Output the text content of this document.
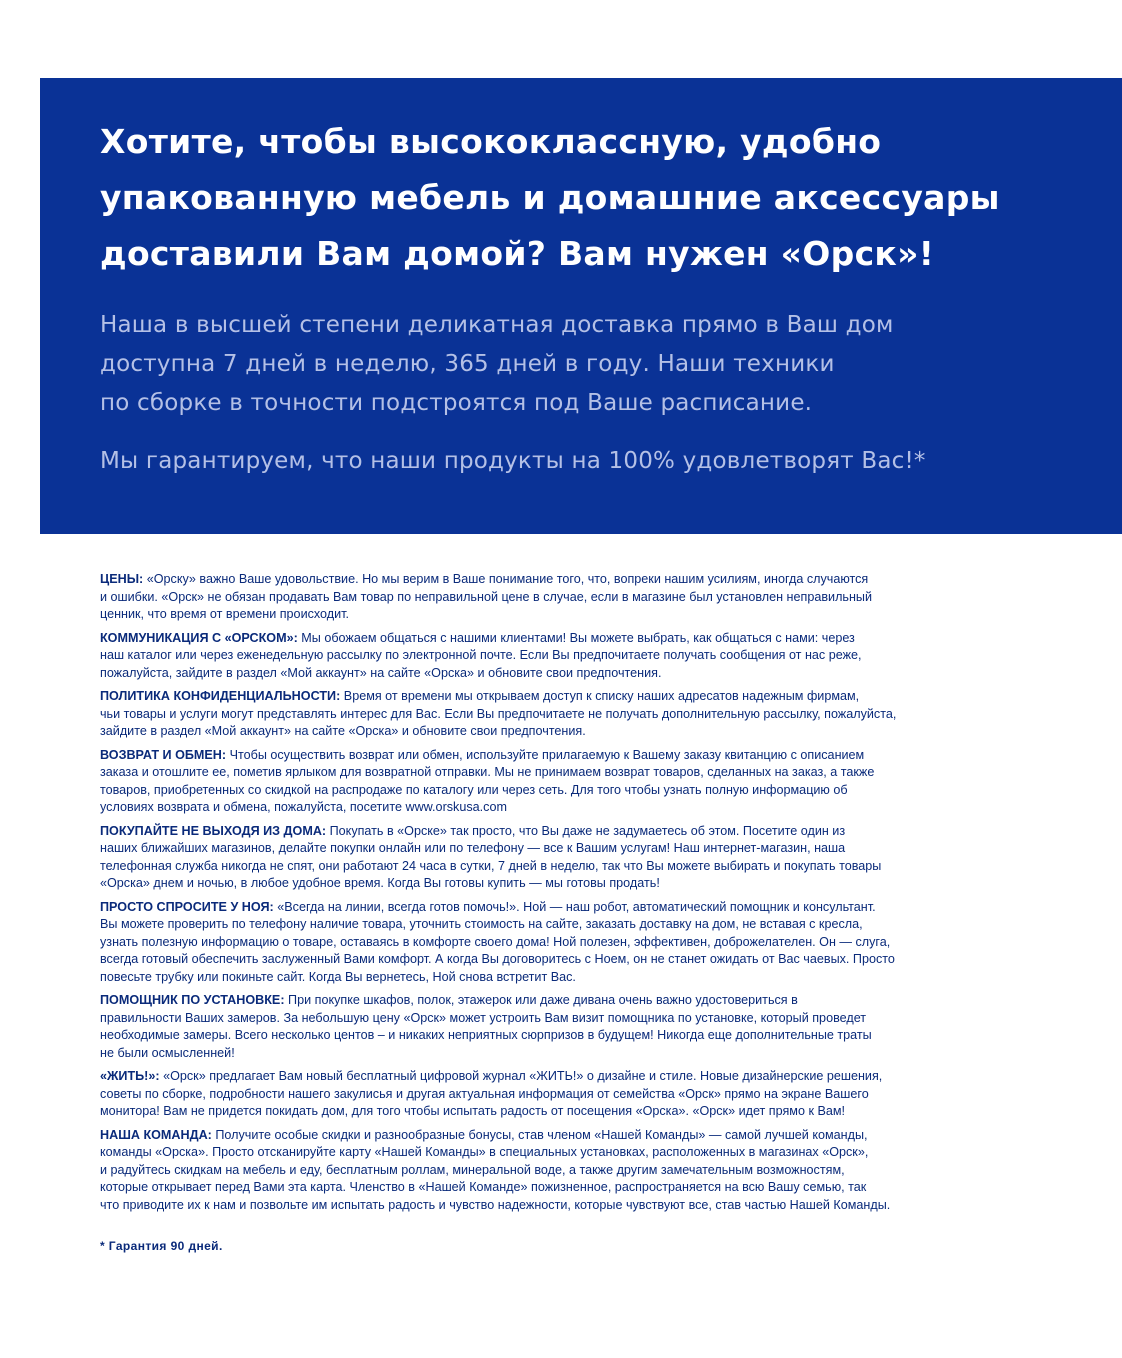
Хотите, чтобы высококлассную, удобно
упакованную мебель и домашние аксессуары
доставили Вам домой? Вам нужен «Орск»!

Наша в высшей степени деликатная доставка прямо в Ваш дом
доступна 7 дней в неделю, 365 дней в году. Наши техники
по сборке в точности подстроятся под Ваше расписание.

Мы гарантируем, что наши продукты на 100% удовлетворят Вас!*

ЦЕНЫ: «Орску» важно Ваше удовольствие. Но мы верим в Ваше понимание того, что, вопреки нашим усилиям, иногда случаются
и ошибки. «Орск» не обязан продавать Вам товар по неправильной цене в случае, если в магазине был установлен неправильный
ценник, что время от времени происходит.

КОММУНИКАЦИЯ С «ОРСКОМ»: Мы обожаем общаться с нашими клиентами! Вы можете выбрать, как общаться с нами: через
наш каталог или через еженедельную рассылку по электронной почте. Если Вы предпочитаете получать сообщения от нас реже,
пожалуйста, зайдите в раздел «Мой аккаунт» на сайте «Орска» и обновите свои предпочтения.

ПОЛИТИКА КОНФИДЕНЦИАЛЬНОСТИ: Время от времени мы открываем доступ к списку наших адресатов надежным фирмам,
чьи товары и услуги могут представлять интерес для Вас. Если Вы предпочитаете не получать дополнительную рассылку, пожалуйста,
зайдите в раздел «Мой аккаунт» на сайте «Орска» и обновите свои предпочтения.

ВОЗВРАТ И ОБМЕН: Чтобы осуществить возврат или обмен, используйте прилагаемую к Вашему заказу квитанцию с описанием
заказа и отошлите ее, пометив ярлыком для возвратной отправки. Мы не принимаем возврат товаров, сделанных на заказ, а также
товаров, приобретенных со скидкой на распродаже по каталогу или через сеть. Для того чтобы узнать полную информацию об
условиях возврата и обмена, пожалуйста, посетите www.orskusa.com

ПОКУПАЙТЕ НЕ ВЫХОДЯ ИЗ ДОМА: Покупать в «Орске» так просто, что Вы даже не задумаетесь об этом. Посетите один из
наших ближайших магазинов, делайте покупки онлайн или по телефону — все к Вашим услугам! Наш интернет-магазин, наша
телефонная служба никогда не спят, они работают 24 часа в сутки, 7 дней в неделю, так что Вы можете выбирать и покупать товары
«Орска» днем и ночью, в любое удобное время. Когда Вы готовы купить — мы готовы продать!

ПРОСТО СПРОСИТЕ У НОЯ: «Всегда на линии, всегда готов помочь!». Ной — наш робот, автоматический помощник и консультант.
Вы можете проверить по телефону наличие товара, уточнить стоимость на сайте, заказать доставку на дом, не вставая с кресла,
узнать полезную информацию о товаре, оставаясь в комфорте своего дома! Ной полезен, эффективен, доброжелателен. Он — слуга,
всегда готовый обеспечить заслуженный Вами комфорт. А когда Вы договоритесь с Ноем, он не станет ожидать от Вас чаевых. Просто
повесьте трубку или покиньте сайт. Когда Вы вернетесь, Ной снова встретит Вас.

ПОМОЩНИК ПО УСТАНОВКЕ: При покупке шкафов, полок, этажерок или даже дивана очень важно удостовериться в
правильности Ваших замеров. За небольшую цену «Орск» может устроить Вам визит помощника по установке, который проведет
необходимые замеры. Всего несколько центов – и никаких неприятных сюрпризов в будущем! Никогда еще дополнительные траты
не были осмысленней!

«ЖИТЬ!»: «Орск» предлагает Вам новый бесплатный цифровой журнал «ЖИТЬ!» о дизайне и стиле. Новые дизайнерские решения,
советы по сборке, подробности нашего закулисья и другая актуальная информация от семейства «Орск» прямо на экране Вашего
монитора! Вам не придется покидать дом, для того чтобы испытать радость от посещения «Орска». «Орск» идет прямо к Вам!

НАША КОМАНДА: Получите особые скидки и разнообразные бонусы, став членом «Нашей Команды» — самой лучшей команды,
команды «Орска». Просто отсканируйте карту «Нашей Команды» в специальных установках, расположенных в магазинах «Орск»,
и радуйтесь скидкам на мебель и еду, бесплатным роллам, минеральной воде, а также другим замечательным возможностям,
которые открывает перед Вами эта карта. Членство в «Нашей Команде» пожизненное, распространяется на всю Вашу семью, так
что приводите их к нам и позвольте им испытать радость и чувство надежности, которые чувствуют все, став частью Нашей Команды.

* Гарантия 90 дней.
